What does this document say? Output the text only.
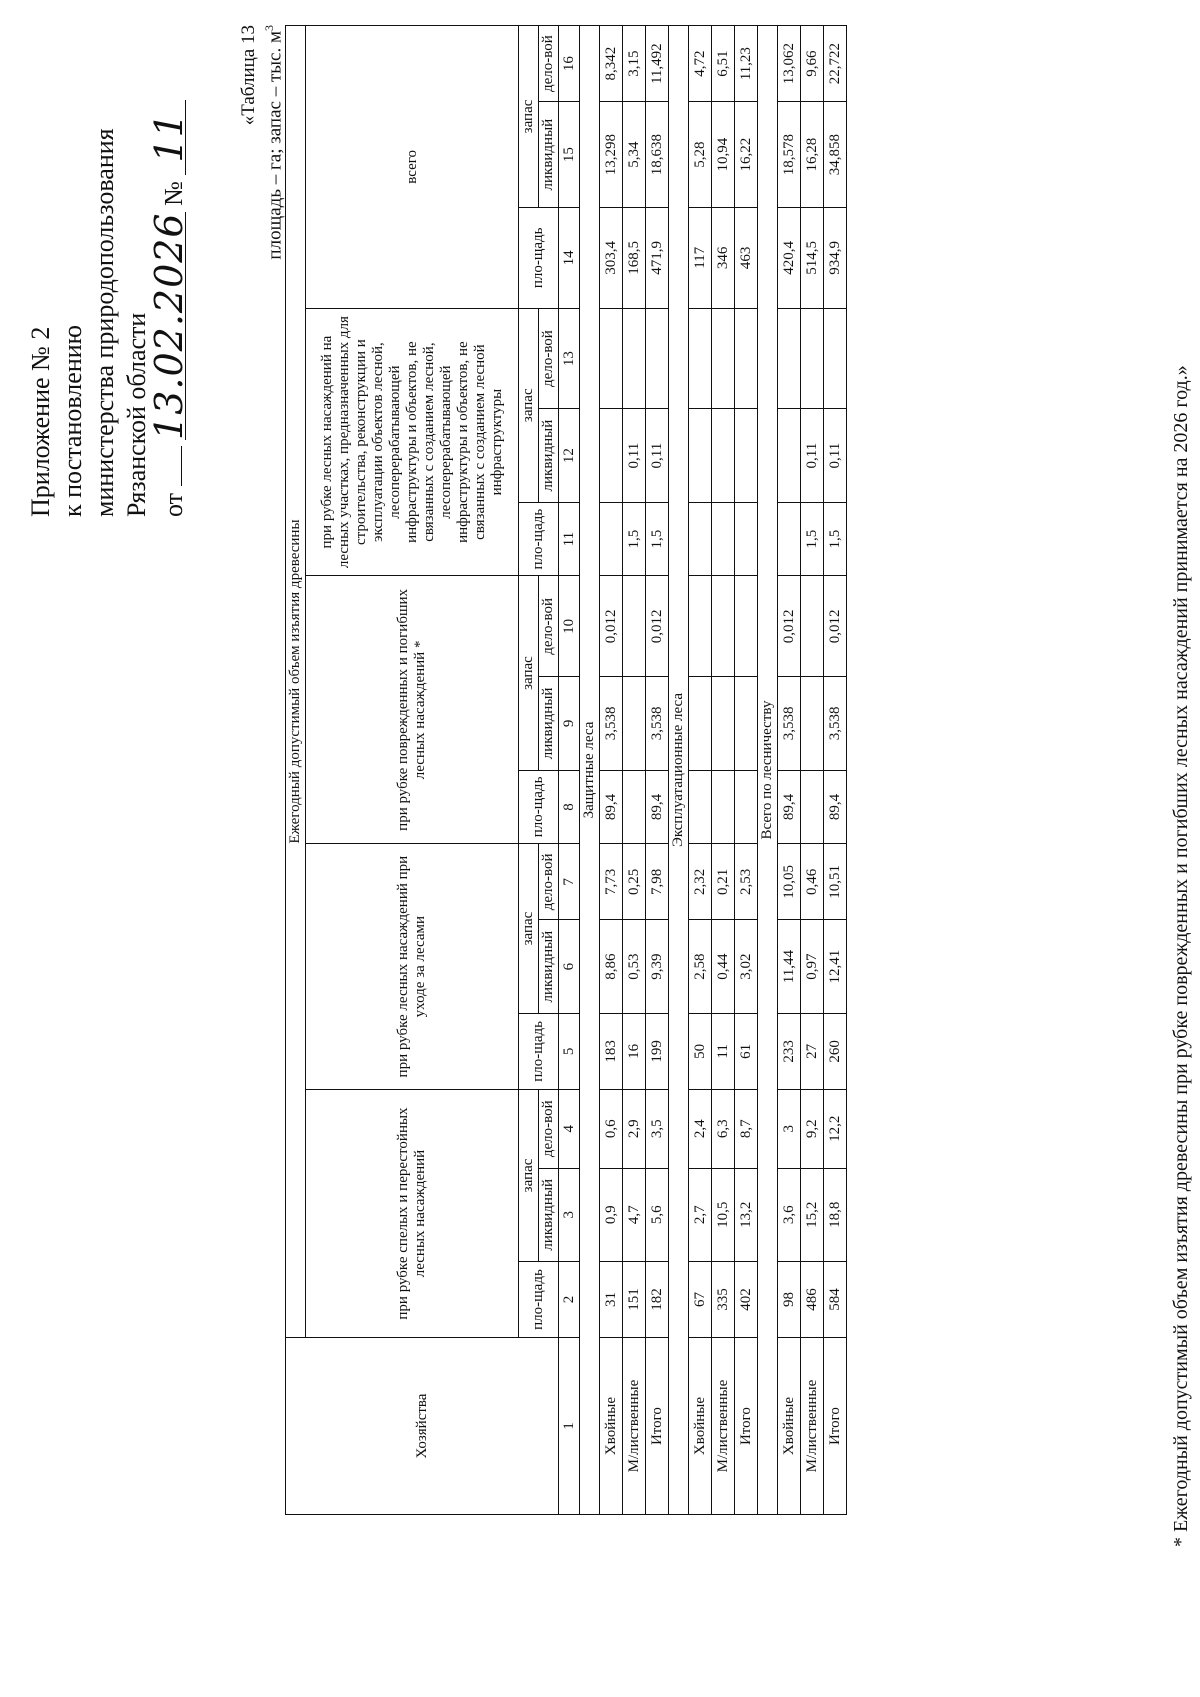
Приложение № 2 к постановлению министерства природопользования Рязанской области от  13.02.2026 № 11
«Таблица 13 площадь – га; запас – тыс. $м^3$
Хозяйства	Ежегодный допустимый объем изъятия древесины														
	при рубке спелых и перестойных лесных насаждений			при рубке лесных насаждений при уходе за лесами			при рубке поврежденных и погибших лесных насаждений *			при рубке лесных насаждений на лесных участках, предназначенных для строительства, реконструкции и эксплуатации объектов лесной, лесоперерабатывающей инфраструктуры и объектов, не связанных с созданием лесной, лесоперерабатывающей инфраструктуры и объектов, не связанных с созданием лесной инфраструктуры			всего		
	пло-щадь	запас		пло-щадь	запас		пло-щадь	запас		пло-щадь	запас		пло-щадь	запас	
		ликвидный	дело-вой		ликвидный	дело-вой		ликвидный	дело-вой		ликвидный	дело-вой		ликвидный	дело-вой
1	2	3	4	5	6	7	8	9	10	11	12	13	14	15	16
Защитные леса															
Хвойные	31	0,9	0,6	183	8,86	7,73	89,4	3,538	0,012				303,4	13,298	8,342
М/лиственные	151	4,7	2,9	16	0,53	0,25				1,5	0,11		168,5	5,34	3,15
Итого	182	5,6	3,5	199	9,39	7,98	89,4	3,538	0,012	1,5	0,11		471,9	18,638	11,492
Эксплуатационные леса															
Хвойные	67	2,7	2,4	50	2,58	2,32							117	5,28	4,72
М/лиственные	335	10,5	6,3	11	0,44	0,21							346	10,94	6,51
Итого	402	13,2	8,7	61	3,02	2,53							463	16,22	11,23
Всего по лесничеству															
Хвойные	98	3,6	3	233	11,44	10,05	89,4	3,538	0,012				420,4	18,578	13,062
М/лиственные	486	15,2	9,2	27	0,97	0,46				1,5	0,11		514,5	16,28	9,66
Итого	584	18,8	12,2	260	12,41	10,51	89,4	3,538	0,012	1,5	0,11		934,9	34,858	22,722
* Ежегодный допустимый объем изъятия древесины при рубке поврежденных и погибших лесных насаждений принимается на 2026 год.»
